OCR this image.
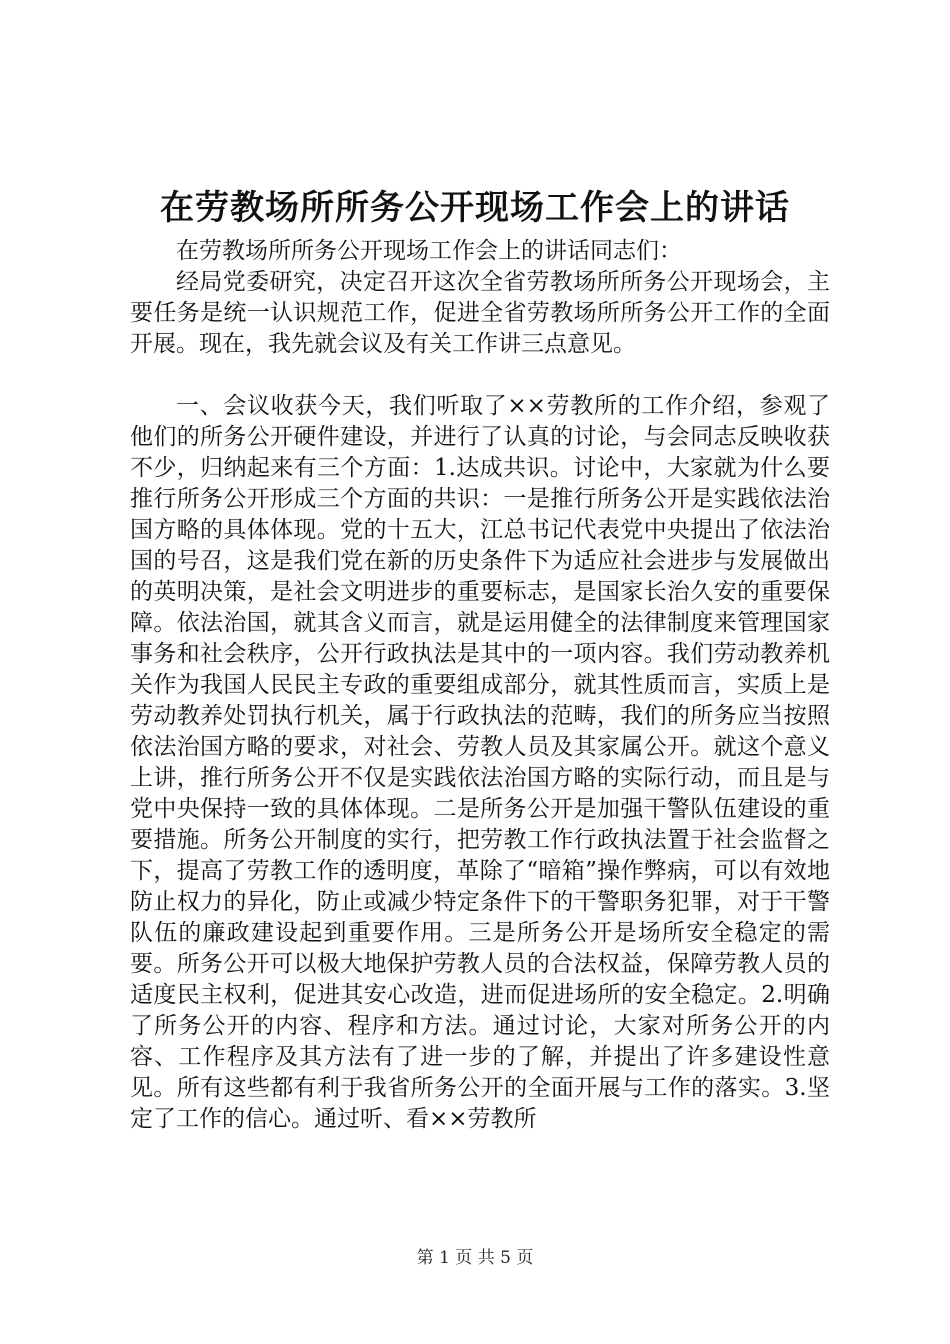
在劳教场所所务公开现场工作会上的讲话

在劳教场所所务公开现场工作会上的讲话同志们：

经局党委研究，决定召开这次全省劳教场所所务公开现场会，主要任务是统一认识规范工作，促进全省劳教场所所务公开工作的全面开展。现在，我先就会议及有关工作讲三点意见。

一、会议收获今天，我们听取了××劳教所的工作介绍，参观了他们的所务公开硬件建设，并进行了认真的讨论，与会同志反映收获不少，归纳起来有三个方面：1.达成共识。讨论中，大家就为什么要推行所务公开形成三个方面的共识：一是推行所务公开是实践依法治国方略的具体体现。党的十五大，江总书记代表党中央提出了依法治国的号召，这是我们党在新的历史条件下为适应社会进步与发展做出的英明决策，是社会文明进步的重要标志，是国家长治久安的重要保障。依法治国，就其含义而言，就是运用健全的法律制度来管理国家事务和社会秩序，公开行政执法是其中的一项内容。我们劳动教养机关作为我国人民民主专政的重要组成部分，就其性质而言，实质上是劳动教养处罚执行机关，属于行政执法的范畴，我们的所务应当按照依法治国方略的要求，对社会、劳教人员及其家属公开。就这个意义上讲，推行所务公开不仅是实践依法治国方略的实际行动，而且是与党中央保持一致的具体体现。二是所务公开是加强干警队伍建设的重要措施。所务公开制度的实行，把劳教工作行政执法置于社会监督之下，提高了劳教工作的透明度，革除了“暗箱”操作弊病，可以有效地防止权力的异化，防止或减少特定条件下的干警职务犯罪，对于干警队伍的廉政建设起到重要作用。三是所务公开是场所安全稳定的需要。所务公开可以极大地保护劳教人员的合法权益，保障劳教人员的适度民主权利，促进其安心改造，进而促进场所的安全稳定。2.明确了所务公开的内容、程序和方法。通过讨论，大家对所务公开的内容、工作程序及其方法有了进一步的了解，并提出了许多建设性意见。所有这些都有利于我省所务公开的全面开展与工作的落实。3.坚定了工作的信心。通过听、看××劳教所

第 1 页 共 5 页
